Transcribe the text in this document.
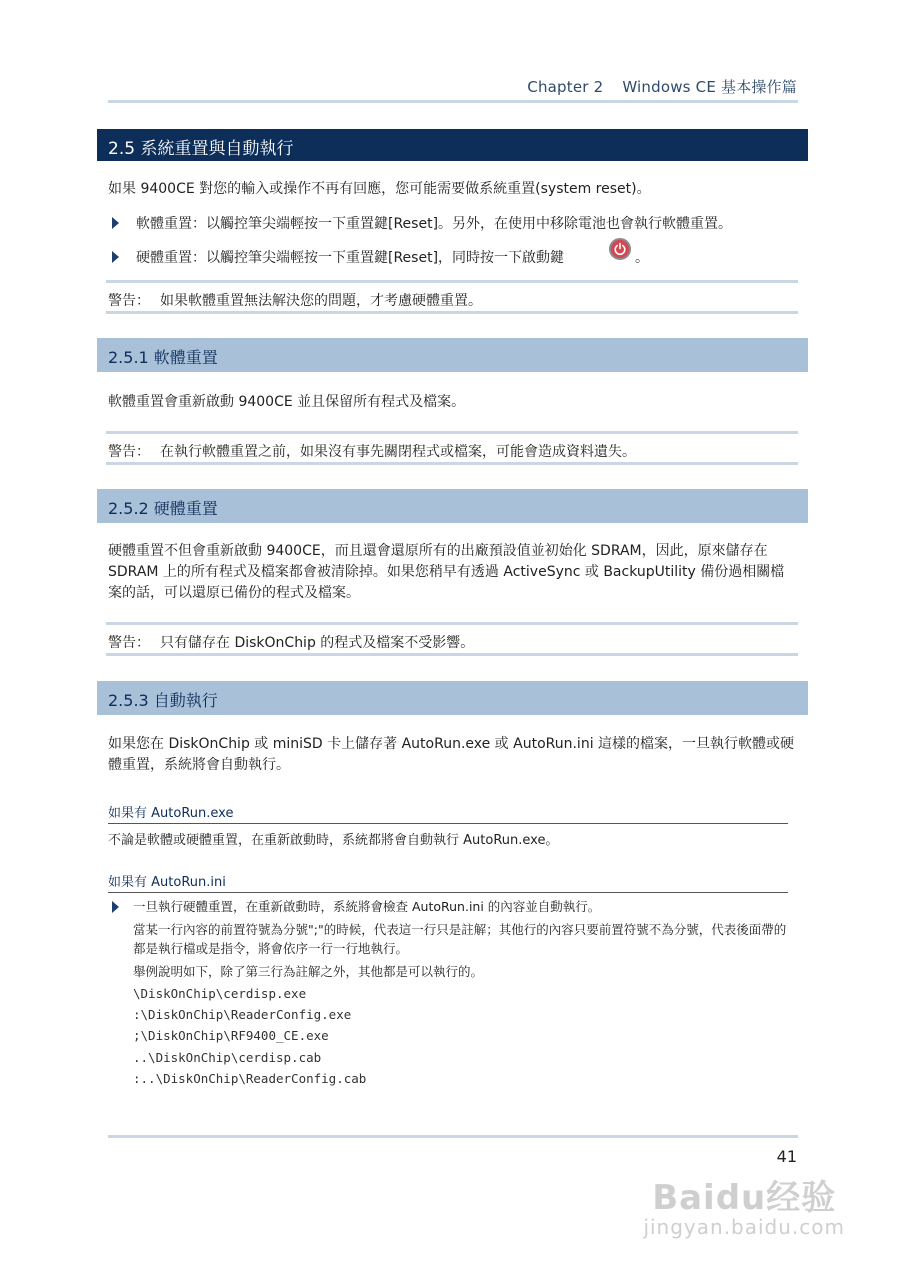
Chapter 2 Windows CE 基本操作篇
2.5 系統重置與自動執行
如果 9400CE 對您的輸入或操作不再有回應，您可能需要做系統重置(system reset)。
軟體重置：以觸控筆尖端輕按一下重置鍵[Reset]。另外，在使用中移除電池也會執行軟體重置。
硬體重置：以觸控筆尖端輕按一下重置鍵[Reset]，同時按一下啟動鍵	。
警告： 如果軟體重置無法解決您的問題，才考慮硬體重置。
2.5.1 軟體重置
軟體重置會重新啟動 9400CE 並且保留所有程式及檔案。
警告： 在執行軟體重置之前，如果沒有事先關閉程式或檔案，可能會造成資料遺失。
2.5.2 硬體重置
硬體重置不但會重新啟動 9400CE，而且還會還原所有的出廠預設值並初始化 SDRAM，因此，原來儲存在 SDRAM 上的所有程式及檔案都會被清除掉。如果您稍早有透過 ActiveSync 或 BackupUtility 備份過相關檔案的話，可以還原已備份的程式及檔案。
警告： 只有儲存在 DiskOnChip 的程式及檔案不受影響。
2.5.3 自動執行
如果您在 DiskOnChip 或 miniSD 卡上儲存著 AutoRun.exe 或 AutoRun.ini 這樣的檔案，一旦執行軟體或硬體重置，系統將會自動執行。
如果有 AutoRun.exe
不論是軟體或硬體重置，在重新啟動時，系統都將會自動執行 AutoRun.exe。
如果有 AutoRun.ini
一旦執行硬體重置，在重新啟動時，系統將會檢查 AutoRun.ini 的內容並自動執行。
當某一行內容的前置符號為分號";"的時候，代表這一行只是註解；其他行的內容只要前置符號不為分號，代表後面帶的都是執行檔或是指令，將會依序一行一行地執行。
舉例說明如下，除了第三行為註解之外，其他都是可以執行的。
\DiskOnChip\cerdisp.exe
:\DiskOnChip\ReaderConfig.exe
;\DiskOnChip\RF9400_CE.exe
..\DiskOnChip\cerdisp.cab
:..\DiskOnChip\ReaderConfig.cab
41
Baidu经验
jingyan.baidu.com
